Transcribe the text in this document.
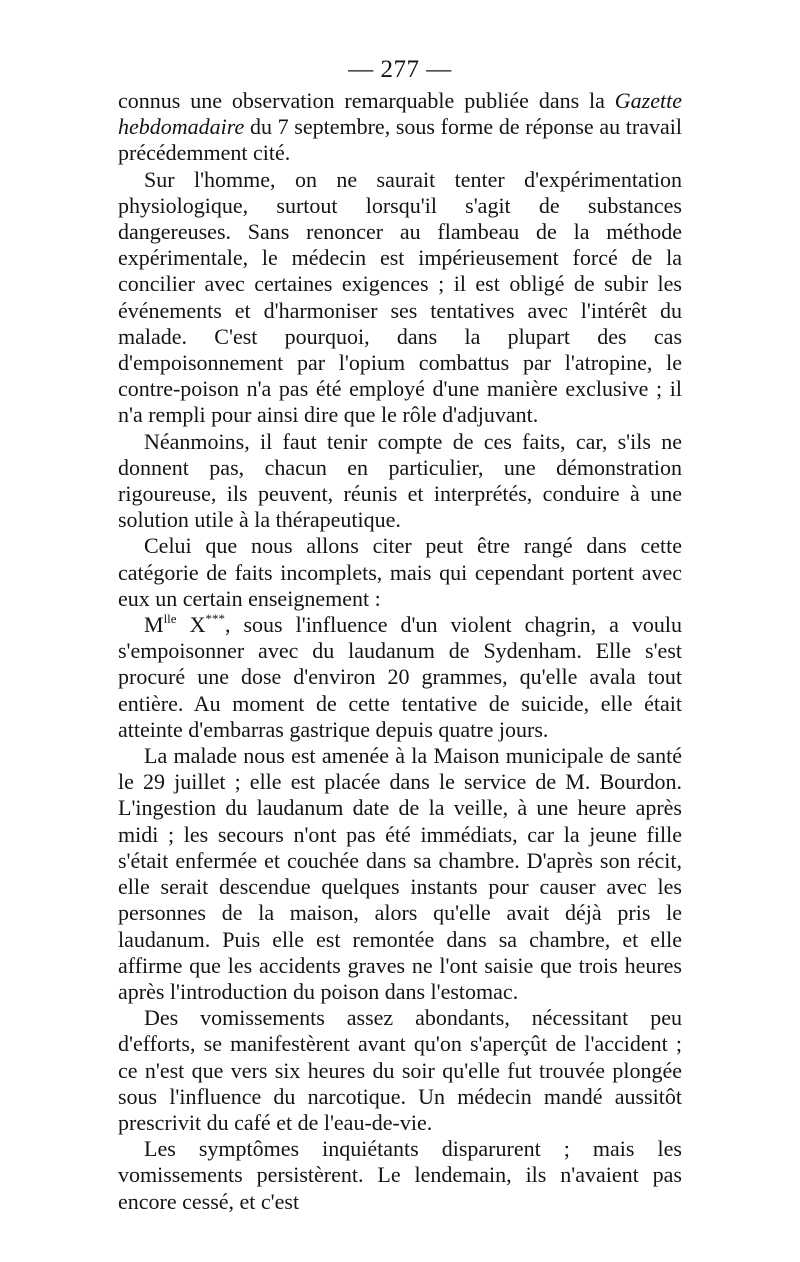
— 277 —

connus une observation remarquable publiée dans la Gazette hebdomadaire du 7 septembre, sous forme de réponse au travail précédemment cité.

Sur l'homme, on ne saurait tenter d'expérimentation physiologique, surtout lorsqu'il s'agit de substances dangereuses. Sans renoncer au flambeau de la méthode expérimentale, le médecin est impérieusement forcé de la concilier avec certaines exigences ; il est obligé de subir les événements et d'harmoniser ses tentatives avec l'intérêt du malade. C'est pourquoi, dans la plupart des cas d'empoisonnement par l'opium combattus par l'atropine, le contre-poison n'a pas été employé d'une manière exclusive ; il n'a rempli pour ainsi dire que le rôle d'adjuvant.

Néanmoins, il faut tenir compte de ces faits, car, s'ils ne donnent pas, chacun en particulier, une démonstration rigoureuse, ils peuvent, réunis et interprétés, conduire à une solution utile à la thérapeutique.

Celui que nous allons citer peut être rangé dans cette catégorie de faits incomplets, mais qui cependant portent avec eux un certain enseignement :

$M^{lle}$ X***, sous l'influence d'un violent chagrin, a voulu s'empoisonner avec du laudanum de Sydenham. Elle s'est procuré une dose d'environ 20 grammes, qu'elle avala tout entière. Au moment de cette tentative de suicide, elle était atteinte d'embarras gastrique depuis quatre jours.

La malade nous est amenée à la Maison municipale de santé le 29 juillet ; elle est placée dans le service de M. Bourdon. L'ingestion du laudanum date de la veille, à une heure après midi ; les secours n'ont pas été immédiats, car la jeune fille s'était enfermée et couchée dans sa chambre. D'après son récit, elle serait descendue quelques instants pour causer avec les personnes de la maison, alors qu'elle avait déjà pris le laudanum. Puis elle est remontée dans sa chambre, et elle affirme que les accidents graves ne l'ont saisie que trois heures après l'introduction du poison dans l'estomac.

Des vomissements assez abondants, nécessitant peu d'efforts, se manifestèrent avant qu'on s'aperçût de l'accident ; ce n'est que vers six heures du soir qu'elle fut trouvée plongée sous l'influence du narcotique. Un médecin mandé aussitôt prescrivit du café et de l'eau-de-vie.

Les symptômes inquiétants disparurent ; mais les vomissements persistèrent. Le lendemain, ils n'avaient pas encore cessé, et c'est
